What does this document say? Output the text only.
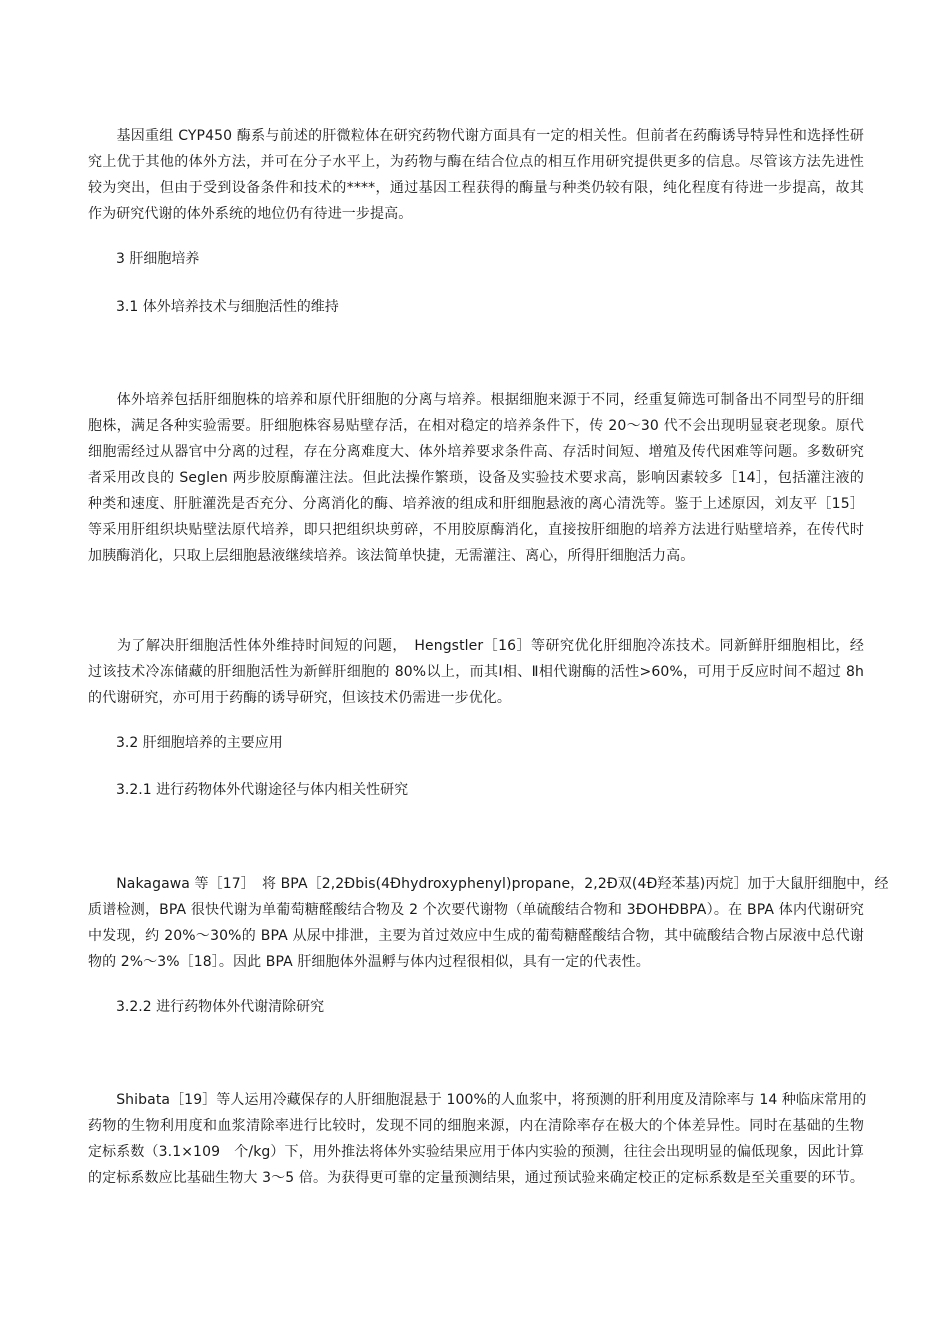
　　基因重组 CYP450 酶系与前述的肝微粒体在研究药物代谢方面具有一定的相关性。但前者在药酶诱导特异性和选择性研
究上优于其他的体外方法，并可在分子水平上，为药物与酶在结合位点的相互作用研究提供更多的信息。尽管该方法先进性
较为突出，但由于受到设备条件和技术的****，通过基因工程获得的酶量与种类仍较有限，纯化程度有待进一步提高，故其
作为研究代谢的体外系统的地位仍有待进一步提高。
3 肝细胞培养
3.1 体外培养技术与细胞活性的维持
　　体外培养包括肝细胞株的培养和原代肝细胞的分离与培养。根据细胞来源于不同，经重复筛选可制备出不同型号的肝细
胞株，满足各种实验需要。肝细胞株容易贴壁存活，在相对稳定的培养条件下，传 20～30 代不会出现明显衰老现象。原代
细胞需经过从器官中分离的过程，存在分离难度大、体外培养要求条件高、存活时间短、增殖及传代困难等问题。多数研究
者采用改良的 Seglen 两步胶原酶灌注法。但此法操作繁琐，设备及实验技术要求高，影响因素较多［14］，包括灌注液的
种类和速度、肝脏灌洗是否充分、分离消化的酶、培养液的组成和肝细胞悬液的离心清洗等。鉴于上述原因，刘友平［15］
等采用肝组织块贴壁法原代培养，即只把组织块剪碎，不用胶原酶消化，直接按肝细胞的培养方法进行贴壁培养，在传代时
加胰酶消化，只取上层细胞悬液继续培养。该法简单快捷，无需灌注、离心，所得肝细胞活力高。
　　为了解决肝细胞活性体外维持时间短的问题，　Hengstler［16］等研究优化肝细胞冷冻技术。同新鲜肝细胞相比，经
过该技术冷冻储藏的肝细胞活性为新鲜肝细胞的 80%以上，而其Ⅰ相、Ⅱ相代谢酶的活性>60%，可用于反应时间不超过 8h
的代谢研究，亦可用于药酶的诱导研究，但该技术仍需进一步优化。
3.2 肝细胞培养的主要应用
3.2.1 进行药物体外代谢途径与体内相关性研究
　　Nakagawa 等［17］　将 BPA［2,2Ðbis(4Ðhydroxyphenyl)propane，2,2Ð双(4Ð羟苯基)丙烷］加于大鼠肝细胞中，经
质谱检测，BPA 很快代谢为单葡萄糖醛酸结合物及 2 个次要代谢物（单硫酸结合物和 3ÐOHÐBPA）。在 BPA 体内代谢研究
中发现，约 20%～30%的 BPA 从尿中排泄，主要为首过效应中生成的葡萄糖醛酸结合物，其中硫酸结合物占尿液中总代谢
物的 2%～3%［18］。因此 BPA 肝细胞体外温孵与体内过程很相似，具有一定的代表性。
3.2.2 进行药物体外代谢清除研究
　　Shibata［19］等人运用冷藏保存的人肝细胞混悬于 100%的人血浆中，将预测的肝利用度及清除率与 14 种临床常用的
药物的生物利用度和血浆清除率进行比较时，发现不同的细胞来源，内在清除率存在极大的个体差异性。同时在基础的生物
定标系数（3.1×109　个/kg）下，用外推法将体外实验结果应用于体内实验的预测，往往会出现明显的偏低现象，因此计算
的定标系数应比基础生物大 3～5 倍。为获得更可靠的定量预测结果，通过预试验来确定校正的定标系数是至关重要的环节。
